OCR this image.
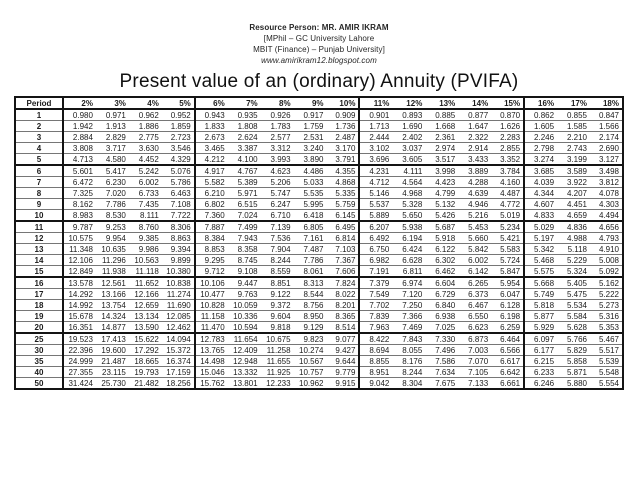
Resource Person: MR. AMIR IKRAM
[MPhil – GC University Lahore
MBIT (Finance) – Punjab University]
www.amirikram12.blogspot.com
Present value of an (ordinary) Annuity (PVIFA)
Period	2%	3%	4%	5%	6%	7%	8%	9%	10%	11%	12%	13%	14%	15%	16%	17%	18%
1	0.980	0.971	0.962	0.952	0.943	0.935	0.926	0.917	0.909	0.901	0.893	0.885	0.877	0.870	0.862	0.855	0.847
2	1.942	1.913	1.886	1.859	1.833	1.808	1.783	1.759	1.736	1.713	1.690	1.668	1.647	1.626	1.605	1.585	1.566
3	2.884	2.829	2.775	2.723	2.673	2.624	2.577	2.531	2.487	2.444	2.402	2.361	2.322	2.283	2.246	2.210	2.174
4	3.808	3.717	3.630	3.546	3.465	3.387	3.312	3.240	3.170	3.102	3.037	2.974	2.914	2.855	2.798	2.743	2.690
5	4.713	4.580	4.452	4.329	4.212	4.100	3.993	3.890	3.791	3.696	3.605	3.517	3.433	3.352	3.274	3.199	3.127
6	5.601	5.417	5.242	5.076	4.917	4.767	4.623	4.486	4.355	4.231	4.111	3.998	3.889	3.784	3.685	3.589	3.498
7	6.472	6.230	6.002	5.786	5.582	5.389	5.206	5.033	4.868	4.712	4.564	4.423	4.288	4.160	4.039	3.922	3.812
8	7.325	7.020	6.733	6.463	6.210	5.971	5.747	5.535	5.335	5.146	4.968	4.799	4.639	4.487	4.344	4.207	4.078
9	8.162	7.786	7.435	7.108	6.802	6.515	6.247	5.995	5.759	5.537	5.328	5.132	4.946	4.772	4.607	4.451	4.303
10	8.983	8.530	8.111	7.722	7.360	7.024	6.710	6.418	6.145	5.889	5.650	5.426	5.216	5.019	4.833	4.659	4.494
11	9.787	9.253	8.760	8.306	7.887	7.499	7.139	6.805	6.495	6.207	5.938	5.687	5.453	5.234	5.029	4.836	4.656
12	10.575	9.954	9.385	8.863	8.384	7.943	7.536	7.161	6.814	6.492	6.194	5.918	5.660	5.421	5.197	4.988	4.793
13	11.348	10.635	9.986	9.394	8.853	8.358	7.904	7.487	7.103	6.750	6.424	6.122	5.842	5.583	5.342	5.118	4.910
14	12.106	11.296	10.563	9.899	9.295	8.745	8.244	7.786	7.367	6.982	6.628	6.302	6.002	5.724	5.468	5.229	5.008
15	12.849	11.938	11.118	10.380	9.712	9.108	8.559	8.061	7.606	7.191	6.811	6.462	6.142	5.847	5.575	5.324	5.092
16	13.578	12.561	11.652	10.838	10.106	9.447	8.851	8.313	7.824	7.379	6.974	6.604	6.265	5.954	5.668	5.405	5.162
17	14.292	13.166	12.166	11.274	10.477	9.763	9.122	8.544	8.022	7.549	7.120	6.729	6.373	6.047	5.749	5.475	5.222
18	14.992	13.754	12.659	11.690	10.828	10.059	9.372	8.756	8.201	7.702	7.250	6.840	6.467	6.128	5.818	5.534	5.273
19	15.678	14.324	13.134	12.085	11.158	10.336	9.604	8.950	8.365	7.839	7.366	6.938	6.550	6.198	5.877	5.584	5.316
20	16.351	14.877	13.590	12.462	11.470	10.594	9.818	9.129	8.514	7.963	7.469	7.025	6.623	6.259	5.929	5.628	5.353
25	19.523	17.413	15.622	14.094	12.783	11.654	10.675	9.823	9.077	8.422	7.843	7.330	6.873	6.464	6.097	5.766	5.467
30	22.396	19.600	17.292	15.372	13.765	12.409	11.258	10.274	9.427	8.694	8.055	7.496	7.003	6.566	6.177	5.829	5.517
35	24.999	21.487	18.665	16.374	14.498	12.948	11.655	10.567	9.644	8.855	8.176	7.586	7.070	6.617	6.215	5.858	5.539
40	27.355	23.115	19.793	17.159	15.046	13.332	11.925	10.757	9.779	8.951	8.244	7.634	7.105	6.642	6.233	5.871	5.548
50	31.424	25.730	21.482	18.256	15.762	13.801	12.233	10.962	9.915	9.042	8.304	7.675	7.133	6.661	6.246	5.880	5.554
